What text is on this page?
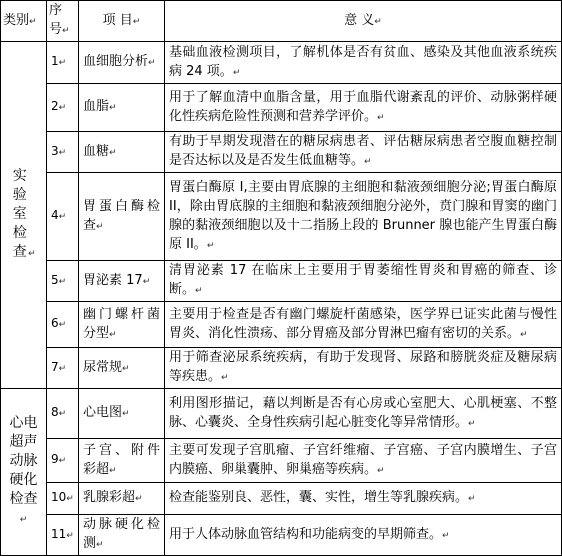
类别↵	序号↵	项 目↵	意 义↵
实验室检查↵	1↵	血细胞分析↵	基础血液检测项目，了解机体是否有贫血、感染及其他血液系统疾病 24 项。↵
	2↵	血脂↵	用于了解血清中血脂含量，用于血脂代谢紊乱的评价、动脉粥样硬化性疾病危险性预测和营养学评价。↵
	3↵	血糖↵	有助于早期发现潜在的糖尿病患者、评估糖尿病患者空腹血糖控制是否达标以及是否发生低血糖等。↵
	4↵	胃蛋白酶检查↵	胃蛋白酶原 I,主要由胃底腺的主细胞和黏液颈细胞分泌;胃蛋白酶原 II，除由胃底腺的主细胞和黏液颈细胞分泌外，贲门腺和胃窦的幽门腺的黏液颈细胞以及十二指肠上段的 Brunner 腺也能产生胃蛋白酶原 II。↵
	5↵	胃泌素 17↵	清胃泌素 17 在临床上主要用于胃萎缩性胃炎和胃癌的筛查、诊断。↵
	6↵	幽门螺杆菌分型↵	主要用于检查是否有幽门螺旋杆菌感染，医学界已证实此菌与慢性胃炎、消化性溃疡、部分胃癌及部分胃淋巴瘤有密切的关系。↵
	7↵	尿常规↵	用于筛查泌尿系统疾病，有助于发现肾、尿路和膀胱炎症及糖尿病等疾患。↵
心电超声动脉硬化检查↵	8↵	心电图↵	利用图形描记，藉以判断是否有心房或心室肥大、心肌梗塞、不整脉、心囊炎、全身性疾病引起心脏变化等异常情形。↵
	9↵	子宫、附件彩超↵	主要可发现子宫肌瘤、子宫纤维瘤、子宫癌、子宫内膜增生、子宫内膜癌、卵巢囊肿、卵巢癌等疾病。↵
	10↵	乳腺彩超↵	检查能鉴别良、恶性，囊、实性，增生等乳腺疾病。↵
	11↵	动脉硬化检测↵	用于人体动脉血管结构和功能病变的早期筛查。↵
